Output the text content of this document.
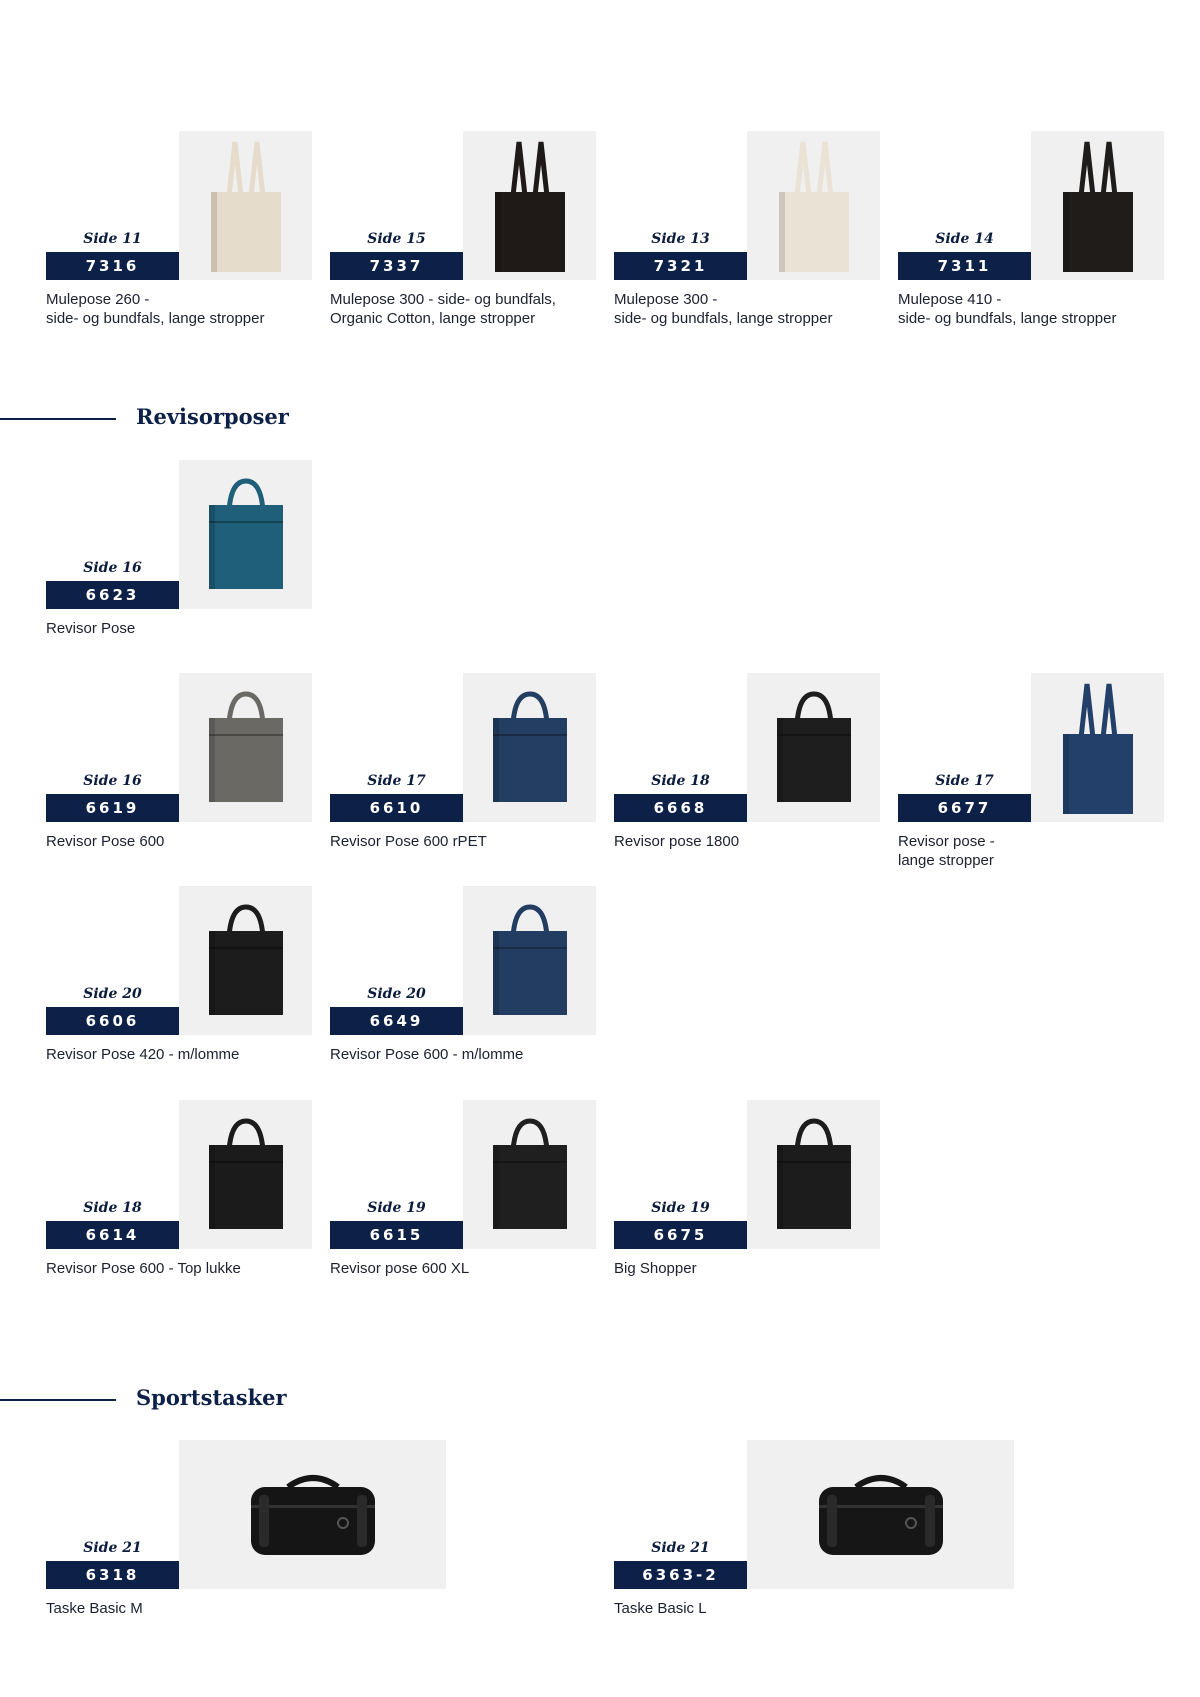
Side 11
7316
Mulepose 260 -
side- og bundfals, lange stropper
Side 15
7337
Mulepose 300 - side- og bundfals,
Organic Cotton, lange stropper
Side 13
7321
Mulepose 300 -
side- og bundfals, lange stropper
Side 14
7311
Mulepose 410 -
side- og bundfals, lange stropper
Revisorposer
Side 16
6623
Revisor Pose
Side 16
6619
Revisor Pose 600
Side 17
6610
Revisor Pose 600 rPET
Side 18
6668
Revisor pose 1800
Side 17
6677
Revisor pose -
lange stropper
Side 20
6606
Revisor Pose 420 - m/lomme
Side 20
6649
Revisor Pose 600 - m/lomme
Side 18
6614
Revisor Pose 600 - Top lukke
Side 19
6615
Revisor pose 600 XL
Side 19
6675
Big Shopper
Sportstasker
Side 21
6318
Taske Basic M
Side 21
6363-2
Taske Basic L
